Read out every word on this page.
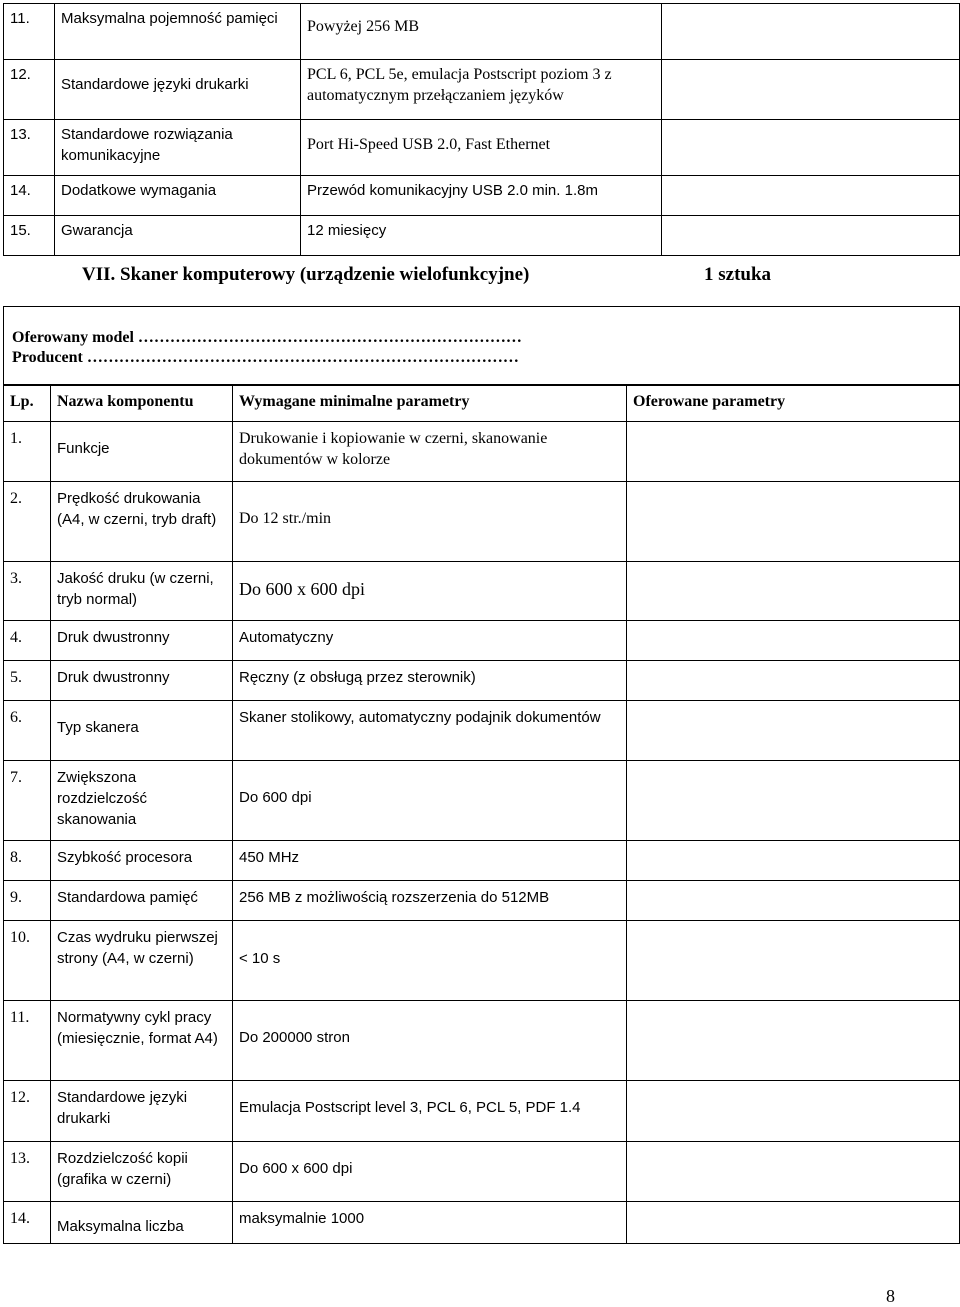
11.	Maksymalna pojemność pamięci	Powyżej 256 MB	

12.	Standardowe języki drukarki	PCL 6, PCL 5e, emulacja Postscript poziom 3 z automatycznym przełączaniem języków	
13.	Standardowe rozwiązania komunikacyjne	Port Hi-Speed USB 2.0, Fast Ethernet	

14.	Dodatkowe wymagania	Przewód komunikacyjny USB 2.0 min. 1.8m	
15.	Gwarancja	12 miesięcy	
VII. Skaner komputerowy (urządzenie wielofunkcyjne)	1 sztuka
Oferowany model ………………………………………………………………
Producent ………………………………………………………………………
Lp.	Nazwa komponentu	Wymagane minimalne parametry	Oferowane parametry
1.	Funkcje	Drukowanie i kopiowanie w czerni, skanowanie dokumentów w kolorze	
2.	Prędkość drukowania (A4, w czerni, tryb draft)	Do 12 str./min	

3.	Jakość druku (w czerni, tryb normal)	Do 600 x 600 dpi	

4.	Druk dwustronny	Automatyczny	
5.	Druk dwustronny	Ręczny (z obsługą przez sterownik)	
6.	Typ skanera	Skaner stolikowy, automatyczny podajnik dokumentów	
7.	Zwiększona rozdzielczość skanowania	Do 600 dpi	

8.	Szybkość procesora	450 MHz	
9.	Standardowa pamięć	256 MB z możliwością rozszerzenia do 512MB	
10.	Czas wydruku pierwszej strony (A4, w czerni)	< 10 s	

11.	Normatywny cykl pracy (miesięcznie, format A4)	Do 200000 stron	

12.	Standardowe języki drukarki	Emulacja Postscript level 3, PCL 6, PCL 5, PDF 1.4	

13.	Rozdzielczość kopii (grafika w czerni)	Do 600 x 600 dpi	

14.	Maksymalna liczba	maksymalnie 1000	
8
